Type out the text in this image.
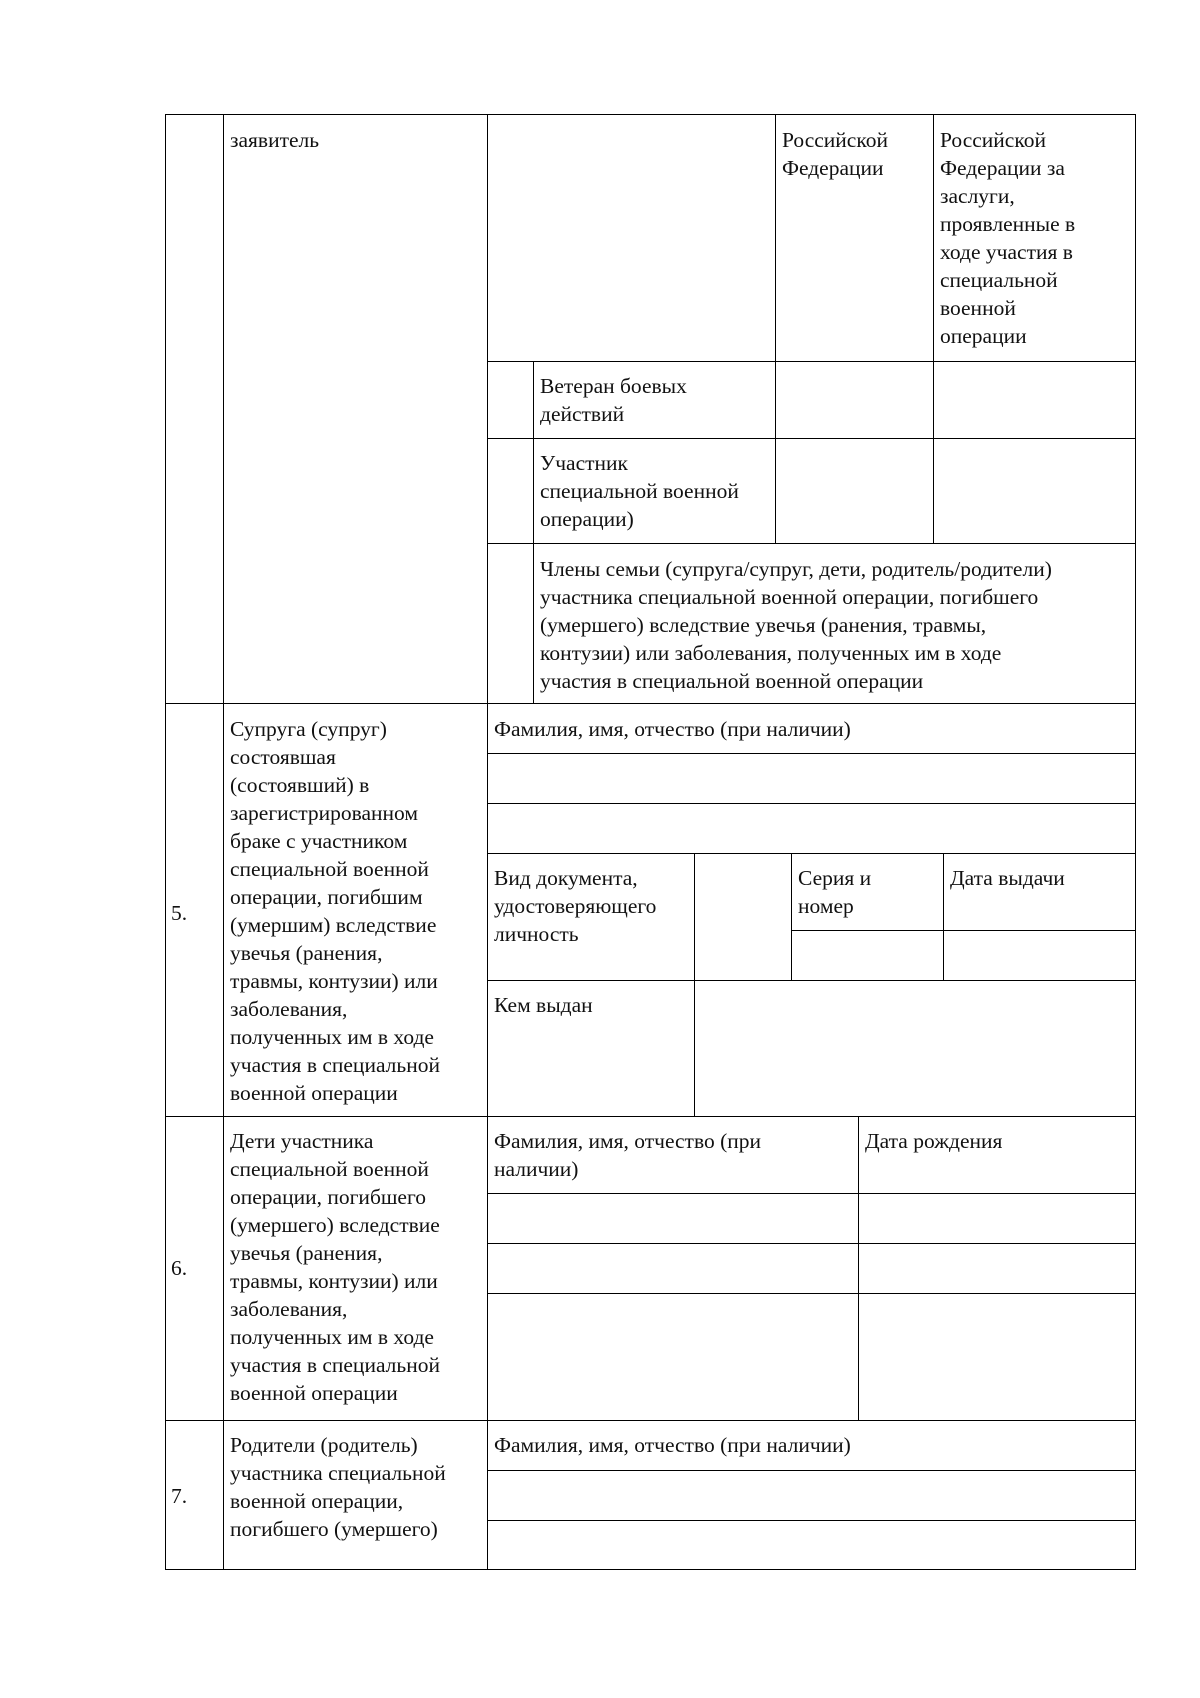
заявитель	Российской
Федерации
Российской
Федерации за
заслуги,
проявленные в
ходе участия в
специальной
военной
операции
Ветеран боевых
действий
Участник
специальной военной
операции)
Члены семьи (супруга/супруг, дети, родитель/родители)
участника специальной военной операции, погибшего
(умершего) вследствие увечья (ранения, травмы,
контузии) или заболевания, полученных им в ходе
участия в специальной военной операции
5.
Супруга (супруг)
состоявшая
(состоявший) в
зарегистрированном
браке с участником
специальной военной
операции, погибшим
(умершим) вследствие
увечья (ранения,
травмы, контузии) или
заболевания,
полученных им в ходе
участия в специальной
военной операции
Фамилия, имя, отчество (при наличии)
Вид документа,
удостоверяющего
личность
Серия и
номер
Дата выдачи
Кем выдан
6.
Дети участника
специальной военной
операции, погибшего
(умершего) вследствие
увечья (ранения,
травмы, контузии) или
заболевания,
полученных им в ходе
участия в специальной
военной операции
Фамилия, имя, отчество (при
наличии)
Дата рождения
7.
Родители (родитель)
участника специальной
военной операции,
погибшего (умершего)
Фамилия, имя, отчество (при наличии)
